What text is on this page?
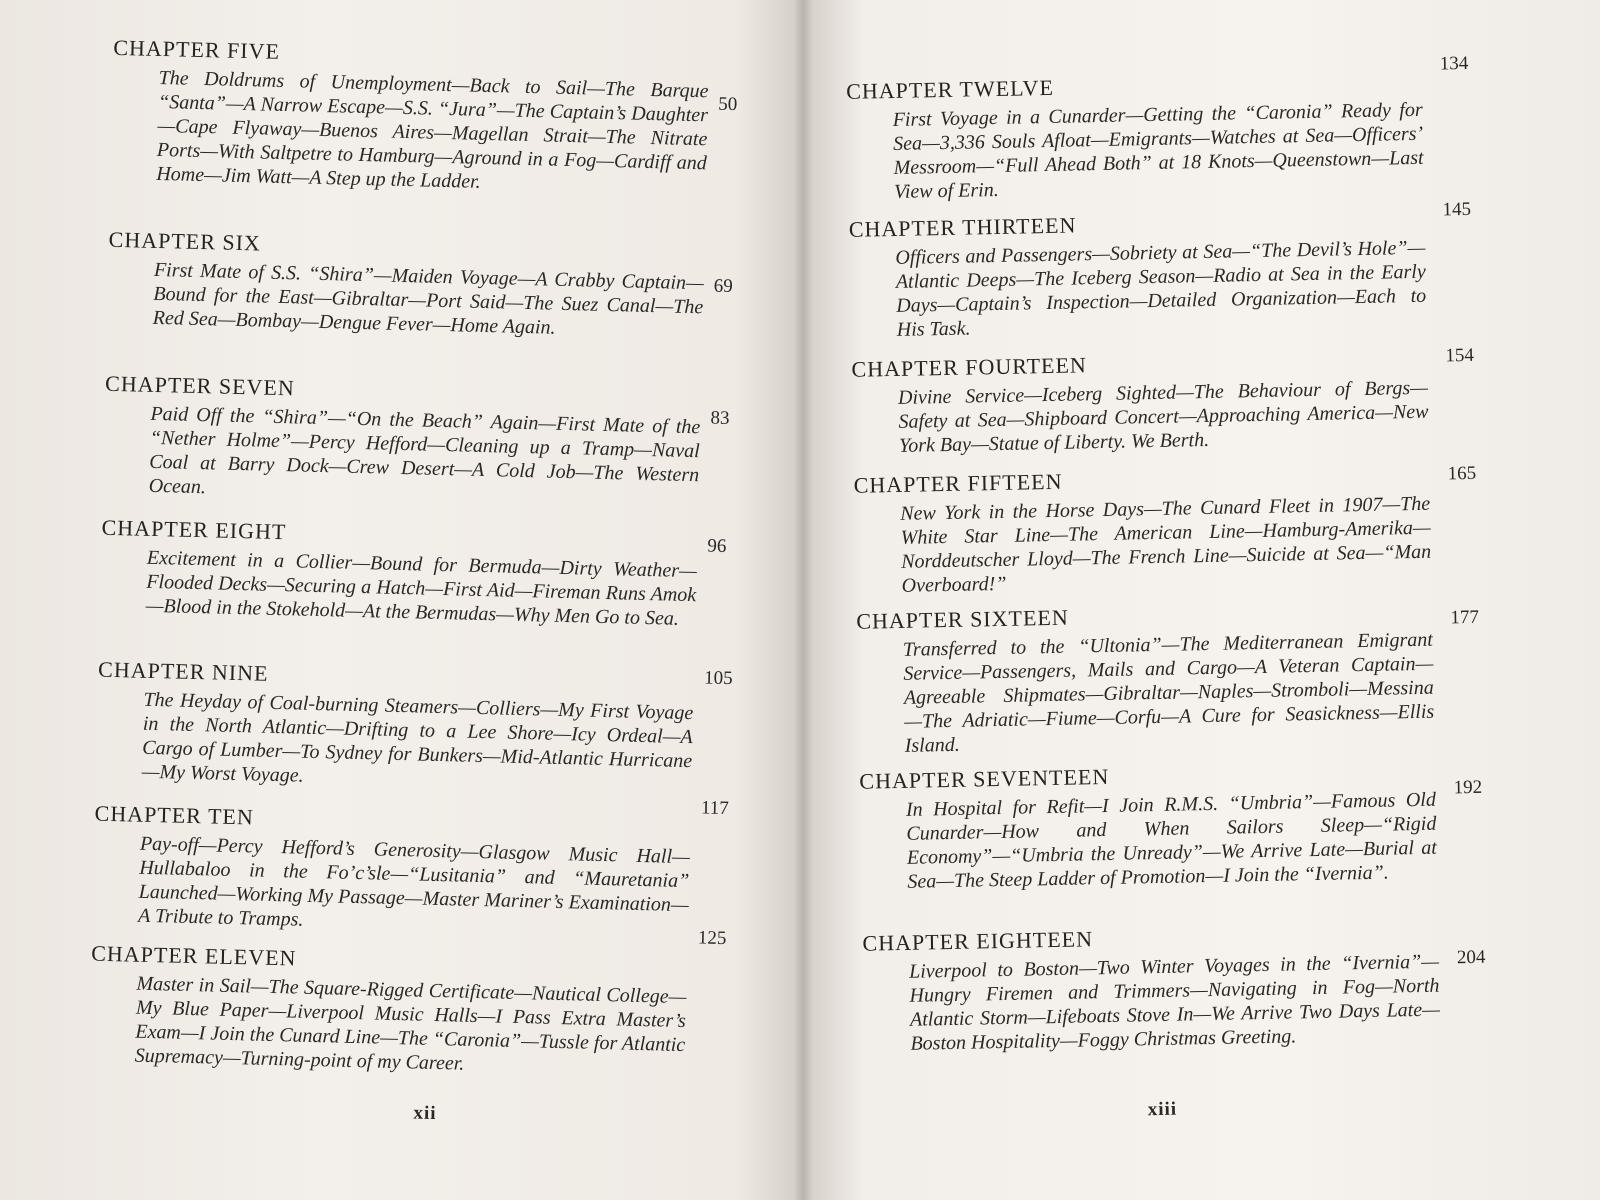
CHAPTER FIVE
The Doldrums of Unemployment—Back to Sail—The Barque “Santa”—A Narrow Escape—S.S. “Jura”—The Captain’s Daughter—Cape Flyaway—Buenos Aires—Magellan Strait—The Nitrate Ports—With Saltpetre to Hamburg—Aground in a Fog—Cardiff and Home—Jim Watt—A Step up the Ladder.
50
CHAPTER SIX
First Mate of S.S. “Shira”—Maiden Voyage—A Crabby Captain—Bound for the East—Gibraltar—Port Said—The Suez Canal—The Red Sea—Bombay—Dengue Fever—Home Again.
69
CHAPTER SEVEN
Paid Off the “Shira”—“On the Beach” Again—First Mate of the “Nether Holme”—Percy Hefford—Cleaning up a Tramp—Naval Coal at Barry Dock—Crew Desert—A Cold Job—The Western Ocean.
83
CHAPTER EIGHT
Excitement in a Collier—Bound for Bermuda—Dirty Weather—Flooded Decks—Securing a Hatch—First Aid—Fireman Runs Amok—Blood in the Stokehold—At the Bermudas—Why Men Go to Sea.
96
CHAPTER NINE
The Heyday of Coal-burning Steamers—Colliers—My First Voyage in the North Atlantic—Drifting to a Lee Shore—Icy Ordeal—A Cargo of Lumber—To Sydney for Bunkers—Mid-Atlantic Hurricane—My Worst Voyage.
105
CHAPTER TEN
Pay-off—Percy Hefford’s Generosity—Glasgow Music Hall—Hullabaloo in the Fo’c’sle—“Lusitania” and “Mauretania” Launched—Working My Passage—Master Mariner’s Examination—A Tribute to Tramps.
117
CHAPTER ELEVEN
Master in Sail—The Square-Rigged Certificate—Nautical College—My Blue Paper—Liverpool Music Halls—I Pass Extra Master’s Exam—I Join the Cunard Line—The “Caronia”—Tussle for Atlantic Supremacy—Turning-point of my Career.
125
xii
CHAPTER TWELVE
First Voyage in a Cunarder—Getting the “Caronia” Ready for Sea—3,336 Souls Afloat—Emigrants—Watches at Sea—Officers’ Messroom—“Full Ahead Both” at 18 Knots—Queenstown—Last View of Erin.
134
CHAPTER THIRTEEN
Officers and Passengers—Sobriety at Sea—“The Devil’s Hole”—Atlantic Deeps—The Iceberg Season—Radio at Sea in the Early Days—Captain’s Inspection—Detailed Organization—Each to His Task.
145
CHAPTER FOURTEEN
Divine Service—Iceberg Sighted—The Behaviour of Bergs—Safety at Sea—Shipboard Concert—Approaching America—New York Bay—Statue of Liberty. We Berth.
154
CHAPTER FIFTEEN
New York in the Horse Days—The Cunard Fleet in 1907—The White Star Line—The American Line—Hamburg-Amerika—Norddeutscher Lloyd—The French Line—Suicide at Sea—“Man Overboard!”
165
CHAPTER SIXTEEN
Transferred to the “Ultonia”—The Mediterranean Emigrant Service—Passengers, Mails and Cargo—A Veteran Captain—Agreeable Shipmates—Gibraltar—Naples—Stromboli—Messina—The Adriatic—Fiume—Corfu—A Cure for Seasickness—Ellis Island.
177
CHAPTER SEVENTEEN
In Hospital for Refit—I Join R.M.S. “Umbria”—Famous Old Cunarder—How and When Sailors Sleep—“Rigid Economy”—“Umbria the Unready”—We Arrive Late—Burial at Sea—The Steep Ladder of Promotion—I Join the “Ivernia”.
192
CHAPTER EIGHTEEN
Liverpool to Boston—Two Winter Voyages in the “Ivernia”—Hungry Firemen and Trimmers—Navigating in Fog—North Atlantic Storm—Lifeboats Stove In—We Arrive Two Days Late—Boston Hospitality—Foggy Christmas Greeting.
204
xiii
